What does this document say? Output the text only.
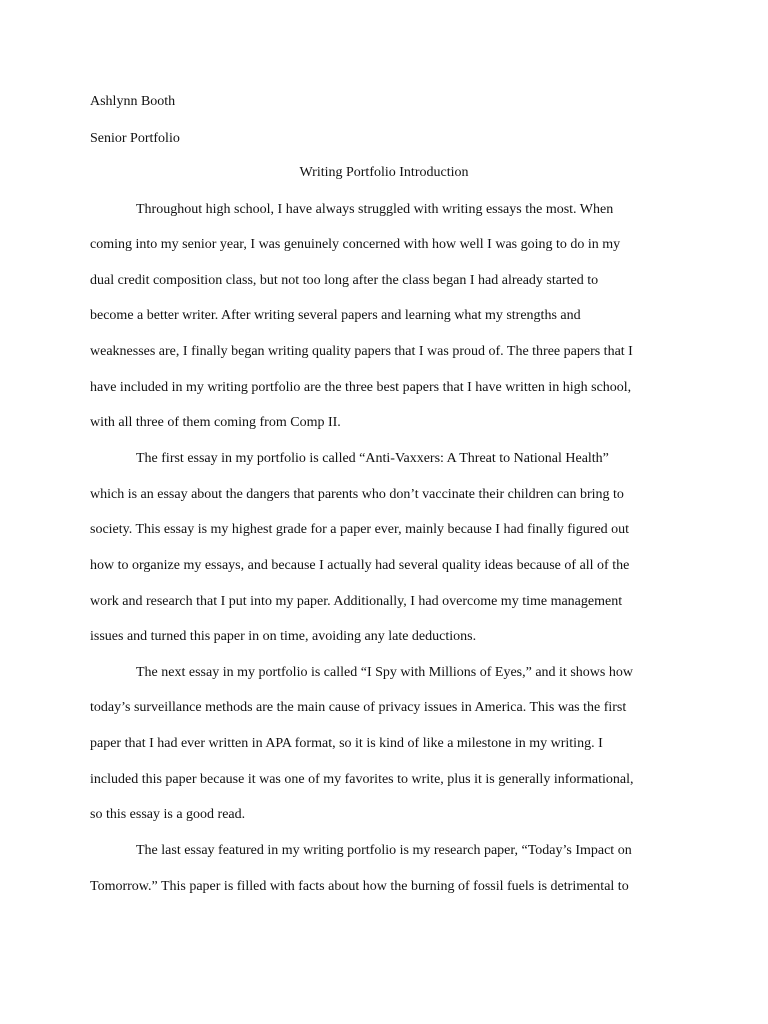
Ashlynn Booth
Senior Portfolio
Writing Portfolio Introduction
Throughout high school, I have always struggled with writing essays the most. When
coming into my senior year, I was genuinely concerned with how well I was going to do in my
dual credit composition class, but not too long after the class began I had already started to
become a better writer. After writing several papers and learning what my strengths and
weaknesses are, I finally began writing quality papers that I was proud of. The three papers that I
have included in my writing portfolio are the three best papers that I have written in high school,
with all three of them coming from Comp II.
The first essay in my portfolio is called “Anti-Vaxxers: A Threat to National Health”
which is an essay about the dangers that parents who don’t vaccinate their children can bring to
society. This essay is my highest grade for a paper ever, mainly because I had finally figured out
how to organize my essays, and because I actually had several quality ideas because of all of the
work and research that I put into my paper. Additionally, I had overcome my time management
issues and turned this paper in on time, avoiding any late deductions.
The next essay in my portfolio is called “I Spy with Millions of Eyes,” and it shows how
today’s surveillance methods are the main cause of privacy issues in America. This was the first
paper that I had ever written in APA format, so it is kind of like a milestone in my writing. I
included this paper because it was one of my favorites to write, plus it is generally informational,
so this essay is a good read.
The last essay featured in my writing portfolio is my research paper, “Today’s Impact on
Tomorrow.” This paper is filled with facts about how the burning of fossil fuels is detrimental to
